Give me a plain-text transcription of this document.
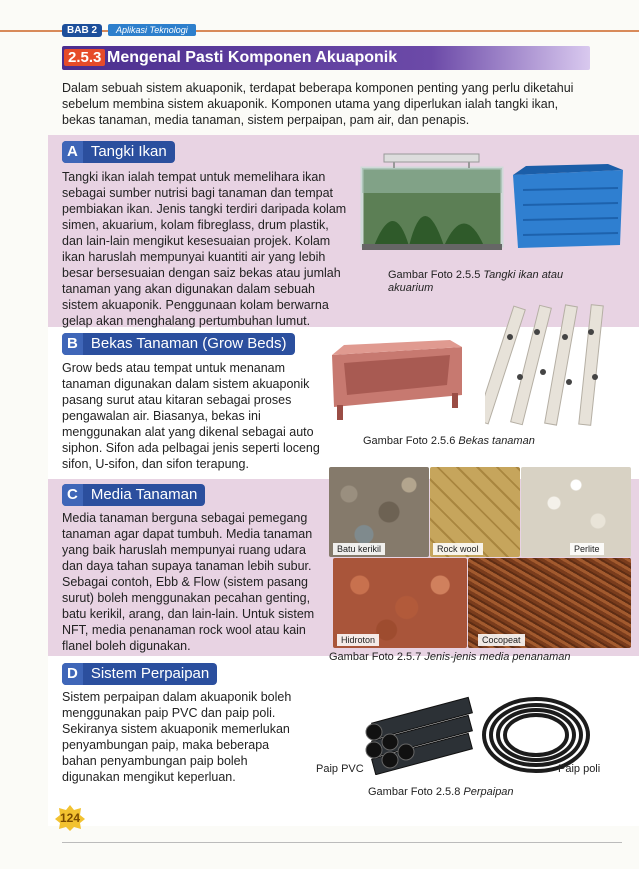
BAB 2	Aplikasi Teknologi
2.5.3 Mengenal Pasti Komponen Akuaponik

Dalam sebuah sistem akuaponik, terdapat beberapa komponen penting yang perlu diketahui sebelum membina sistem akuaponik. Komponen utama yang diperlukan ialah tangki ikan, bekas tanaman, media tanaman, sistem perpaipan, pam air, dan penapis.

A Tangki Ikan

Tangki ikan ialah tempat untuk memelihara ikan sebagai sumber nutrisi bagi tanaman dan tempat pembiakan ikan. Jenis tangki terdiri daripada kolam simen, akuarium, kolam fibreglass, drum plastik, dan lain-lain mengikut kesesuaian projek. Kolam ikan haruslah mempunyai kuantiti air yang lebih besar bersesuaian dengan saiz bekas atau jumlah tanaman yang akan digunakan dalam sebuah sistem akuaponik. Penggunaan kolam berwarna gelap akan menghalang pertumbuhan lumut.

Gambar Foto 2.5.5 Tangki ikan atau akuarium
B Bekas Tanaman (Grow Beds)

Grow beds atau tempat untuk menanam tanaman digunakan dalam sistem akuaponik pasang surut atau kitaran sebagai proses pengawalan air. Biasanya, bekas ini menggunakan alat yang dikenal sebagai auto siphon. Sifon ada pelbagai jenis seperti loceng sifon, U-sifon, dan sifon terapung.

Gambar Foto 2.5.6 Bekas tanaman
C Media Tanaman

Media tanaman berguna sebagai pemegang tanaman agar dapat tumbuh. Media tanaman yang baik haruslah mempunyai ruang udara dan daya tahan supaya tanaman lebih subur. Sebagai contoh, Ebb & Flow (sistem pasang surut) boleh menggunakan pecahan genting, batu kerikil, arang, dan lain-lain. Untuk sistem NFT, media penanaman rock wool atau kain flanel boleh digunakan.

Batu kerikil	Rock wool	Perlite
Hidroton	Cocopeat
Gambar Foto 2.5.7 Jenis-jenis media penanaman
D Sistem Perpaipan

Sistem perpaipan dalam akuaponik boleh menggunakan paip PVC dan paip poli. Sekiranya sistem akuaponik memerlukan penyambungan paip, maka beberapa bahan penyambungan paip boleh digunakan mengikut keperluan.

Paip PVC	Paip poli
Gambar Foto 2.5.8 Perpaipan
124
